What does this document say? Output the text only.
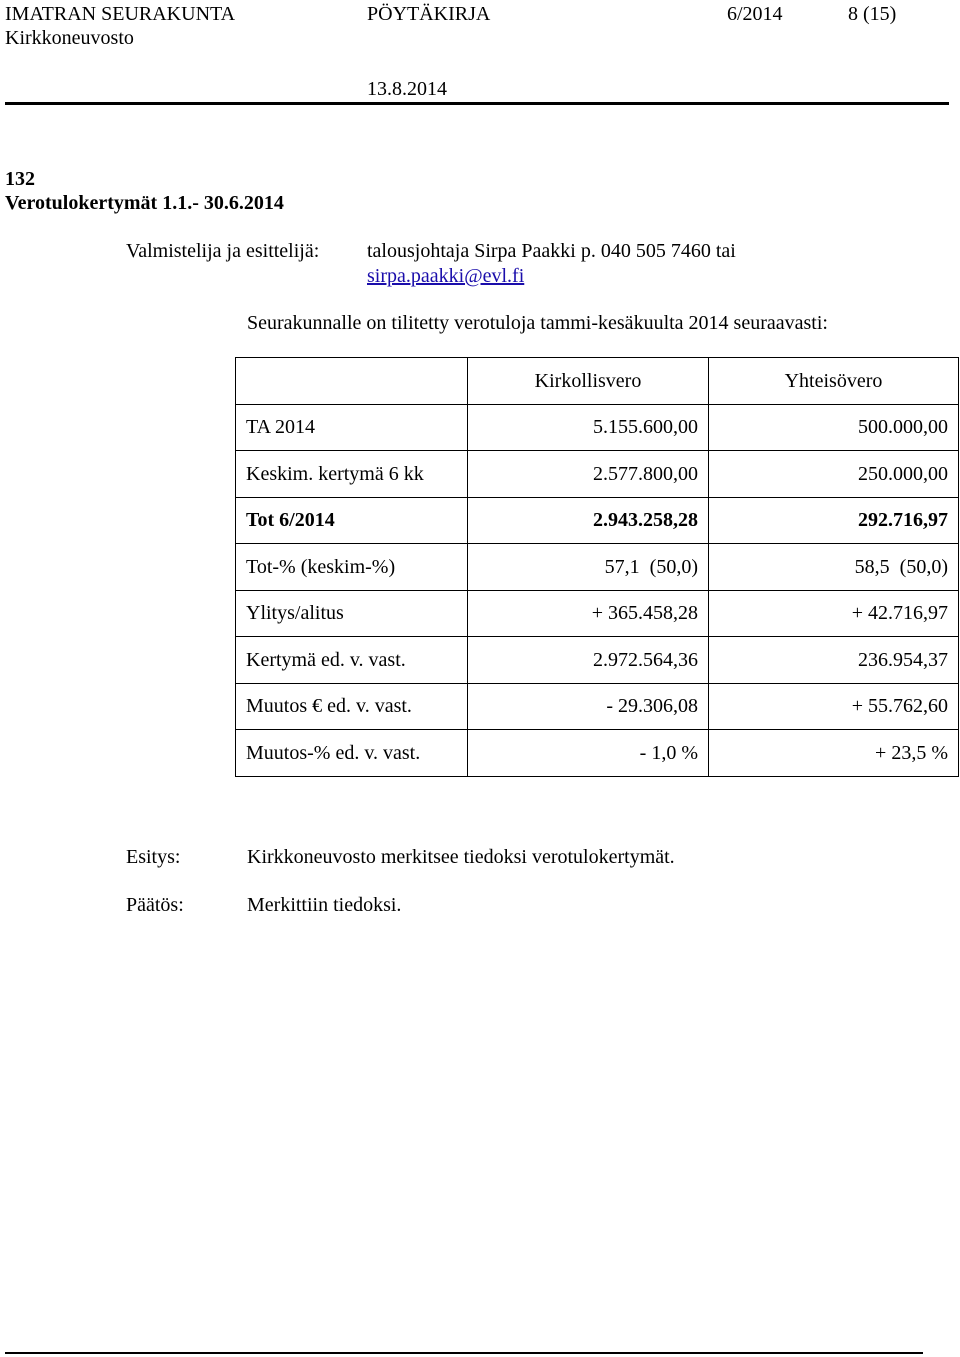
IMATRAN SEURAKUNTA	PÖYTÄKIRJA	6/2014	8 (15)
Kirkkoneuvosto
13.8.2014
132
Verotulokertymät 1.1.- 30.6.2014
Valmistelija ja esittelijä: talousjohtaja Sirpa Paakki p. 040 505 7460 tai
sirpa.paakki@evl.fi
Seurakunnalle on tilitetty verotuloja tammi-kesäkuulta 2014 seuraavasti:
	Kirkollisvero	Yhteisövero
TA 2014	5.155.600,00	500.000,00
Keskim. kertymä 6 kk	2.577.800,00	250.000,00
Tot 6/2014	2.943.258,28	292.716,97
Tot-% (keskim-%)	57,1 (50,0)	58,5 (50,0)

Ylitys/alitus	+ 365.458,28	+ 42.716,97
Kertymä ed. v. vast.	2.972.564,36	236.954,37
Muutos € ed. v. vast.	- 29.306,08	+ 55.762,60
Muutos-% ed. v. vast.	- 1,0 %	+ 23,5 %
Esitys:	Kirkkoneuvosto merkitsee tiedoksi verotulokertymät.
Päätös:	Merkittiin tiedoksi.
